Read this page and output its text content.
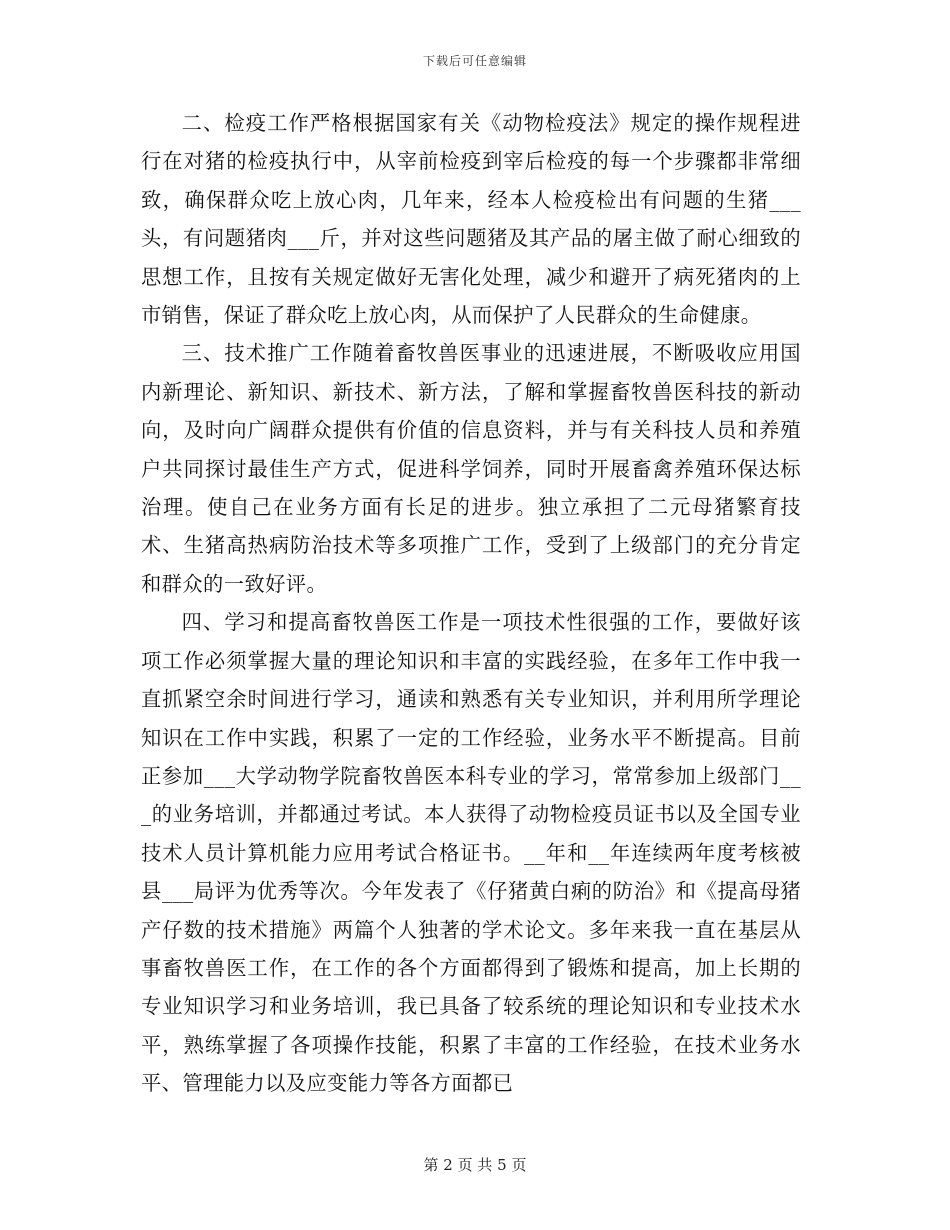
下载后可任意编辑

二、检疫工作严格根据国家有关《动物检疫法》规定的操作规程进行在对猪的检疫执行中，从宰前检疫到宰后检疫的每一个步骤都非常细致，确保群众吃上放心肉，几年来，经本人检疫检出有问题的生猪___头，有问题猪肉___斤，并对这些问题猪及其产品的屠主做了耐心细致的思想工作，且按有关规定做好无害化处理，减少和避开了病死猪肉的上市销售，保证了群众吃上放心肉，从而保护了人民群众的生命健康。

三、技术推广工作随着畜牧兽医事业的迅速进展，不断吸收应用国内新理论、新知识、新技术、新方法，了解和掌握畜牧兽医科技的新动向，及时向广阔群众提供有价值的信息资料，并与有关科技人员和养殖户共同探讨最佳生产方式，促进科学饲养，同时开展畜禽养殖环保达标治理。使自己在业务方面有长足的进步。独立承担了二元母猪繁育技术、生猪高热病防治技术等多项推广工作，受到了上级部门的充分肯定和群众的一致好评。

四、学习和提高畜牧兽医工作是一项技术性很强的工作，要做好该项工作必须掌握大量的理论知识和丰富的实践经验，在多年工作中我一直抓紧空余时间进行学习，通读和熟悉有关专业知识，并利用所学理论知识在工作中实践，积累了一定的工作经验，业务水平不断提高。目前正参加___大学动物学院畜牧兽医本科专业的学习，常常参加上级部门___的业务培训，并都通过考试。本人获得了动物检疫员证书以及全国专业技术人员计算机能力应用考试合格证书。__年和__年连续两年度考核被县___局评为优秀等次。今年发表了《仔猪黄白痢的防治》和《提高母猪产仔数的技术措施》两篇个人独著的学术论文。多年来我一直在基层从事畜牧兽医工作，在工作的各个方面都得到了锻炼和提高，加上长期的专业知识学习和业务培训，我已具备了较系统的理论知识和专业技术水平，熟练掌握了各项操作技能，积累了丰富的工作经验，在技术业务水平、管理能力以及应变能力等各方面都已

第 2 页 共 5 页
